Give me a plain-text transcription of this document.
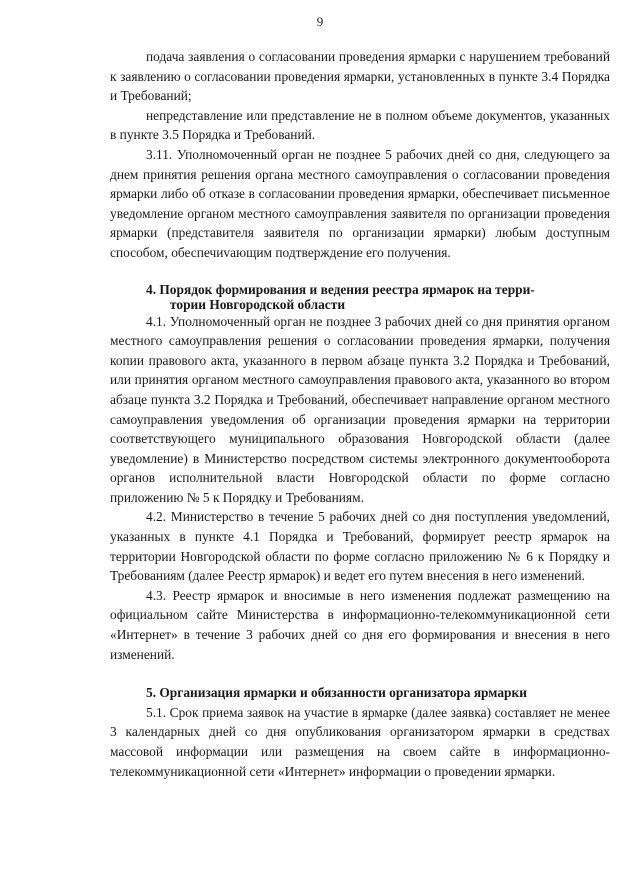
9

подача заявления о согласовании проведения ярмарки с нарушением требований к заявлению о согласовании проведения ярмарки, установленных в пункте 3.4 Порядка и Требований;

непредставление или представление не в полном объеме документов, указанных в пункте 3.5 Порядка и Требований.

3.11. Уполномоченный орган не позднее 5 рабочих дней со дня, следующего за днем принятия решения органа местного самоуправления о согласовании проведения ярмарки либо об отказе в согласовании проведения ярмарки, обеспечивает письменное уведомление органом местного самоуправления заявителя по организации проведения ярмарки (представителя заявителя по организации ярмарки) любым доступным способом, обеспечиvающим подтверждение его получения.

4. Порядок формирования и ведения реестра ярмарок на терри-
тории Новгородской области

4.1. Уполномоченный орган не позднее 3 рабочих дней со дня принятия органом местного самоуправления решения о согласовании проведения ярмарки, получения копии правового акта, указанного в первом абзаце пункта 3.2 Порядка и Требований, или принятия органом местного самоуправления правового акта, указанного во втором абзаце пункта 3.2 Порядка и Требований, обеспечивает направление органом местного самоуправления уведомления об организации проведения ярмарки на территории соответствующего муниципального образования Новгородской области (далее уведомление) в Министерство посредством системы электронного документооборота органов исполнительной власти Новгородской области по форме согласно приложению № 5 к Порядку и Требованиям.

4.2. Министерство в течение 5 рабочих дней со дня поступления уведомлений, указанных в пункте 4.1 Порядка и Требований, формирует реестр ярмарок на территории Новгородской области по форме согласно приложению № 6 к Порядку и Требованиям (далее Реестр ярмарок) и ведет его путем внесения в него изменений.

4.3. Реестр ярмарок и вносимые в него изменения подлежат размещению на официальном сайте Министерства в информационно-телекоммуникационной сети «Интернет» в течение 3 рабочих дней со дня его формирования и внесения в него изменений.

5. Организация ярмарки и обязанности организатора ярмарки

5.1. Срок приема заявок на участие в ярмарке (далее заявка) составляет не менее 3 календарных дней со дня опубликования организатором ярмарки в средствах массовой информации или размещения на своем сайте в информационно-телекоммуникационной сети «Интернет» информации о проведении ярмарки.
